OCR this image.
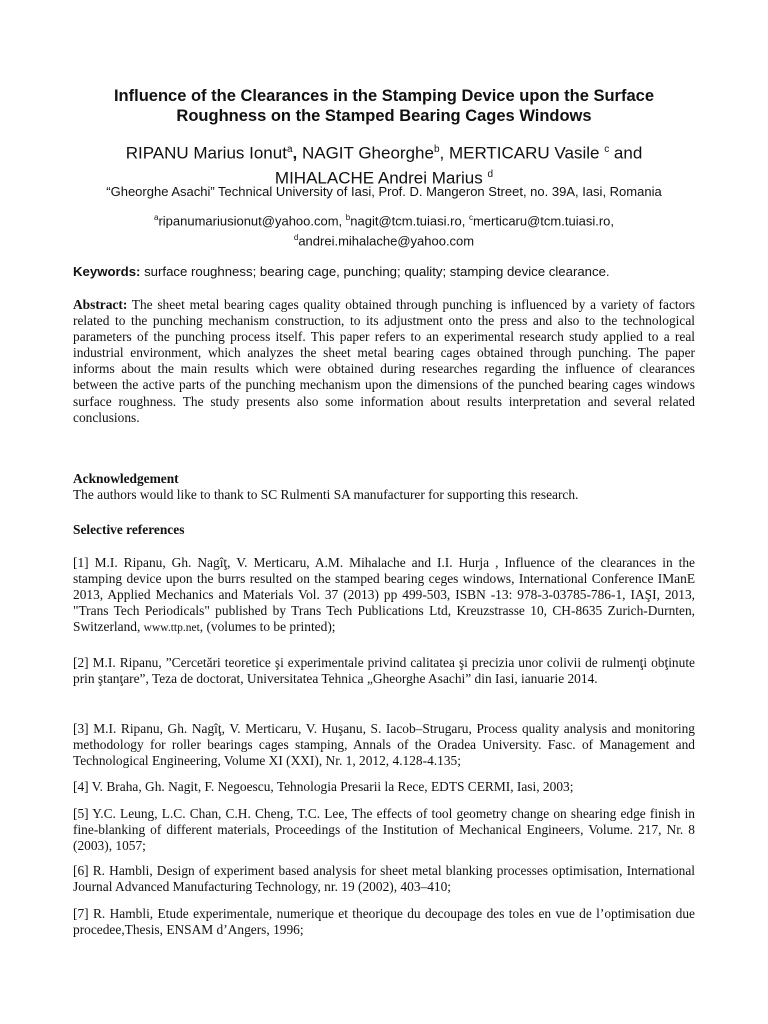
Influence of the Clearances in the Stamping Device upon the Surface
Roughness on the Stamped Bearing Cages Windows

RIPANU Marius Ionut$^a$, NAGIT Gheorghe$^b$, MERTICARU Vasile $^c$ and
MIHALACHE Andrei Marius $^d$

“Gheorghe Asachi” Technical University of Iasi, Prof. D. Mangeron Street, no. 39A, Iasi, Romania

$^a$ripanumariusionut@yahoo.com, $^b$nagit@tcm.tuiasi.ro, $^c$merticaru@tcm.tuiasi.ro,
$^d$andrei.mihalache@yahoo.com

Keywords: surface roughness; bearing cage, punching; quality; stamping device clearance.

Abstract: The sheet metal bearing cages quality obtained through punching is influenced by a variety of factors related to the punching mechanism construction, to its adjustment onto the press and also to the technological parameters of the punching process itself. This paper refers to an experimental research study applied to a real industrial environment, which analyzes the sheet metal bearing cages obtained through punching. The paper informs about the main results which were obtained during researches regarding the influence of clearances between the active parts of the punching mechanism upon the dimensions of the punched bearing cages windows surface roughness. The study presents also some information about results interpretation and several related conclusions.

Acknowledgement

The authors would like to thank to SC Rulmenti SA manufacturer for supporting this research.

Selective references

[1] M.I. Ripanu, Gh. Nagîţ, V. Merticaru, A.M. Mihalache and I.I. Hurja , Influence of the clearances in the stamping device upon the burrs resulted on the stamped bearing ceges windows, International Conference IManE 2013, Applied Mechanics and Materials Vol. 37 (2013) pp 499-503, ISBN -13: 978-3-03785-786-1, IAŞI, 2013, "Trans Tech Periodicals" published by Trans Tech Publications Ltd, Kreuzstrasse 10, CH-8635 Zurich-Durnten, Switzerland, www.ttp.net, (volumes to be printed);

[2] M.I. Ripanu, ”Cercetări teoretice şi experimentale privind calitatea şi precizia unor colivii de rulmenţi obţinute prin ştanţare”, Teza de doctorat, Universitatea Tehnica „Gheorghe Asachi” din Iasi, ianuarie 2014.

[3] M.I. Ripanu, Gh. Nagîţ, V. Merticaru, V. Huşanu, S. Iacob–Strugaru, Process quality analysis and monitoring methodology for roller bearings cages stamping, Annals of the Oradea University. Fasc. of Management and Technological Engineering, Volume XI (XXI), Nr. 1, 2012, 4.128-4.135;

[4] V. Braha, Gh. Nagit, F. Negoescu, Tehnologia Presarii la Rece, EDTS CERMI, Iasi, 2003;

[5] Y.C. Leung, L.C. Chan, C.H. Cheng, T.C. Lee, The effects of tool geometry change on shearing edge finish in fine-blanking of different materials, Proceedings of the Institution of Mechanical Engineers, Volume. 217, Nr. 8 (2003), 1057;

[6] R. Hambli, Design of experiment based analysis for sheet metal blanking processes optimisation, International Journal Advanced Manufacturing Technology, nr. 19 (2002), 403–410;

[7] R. Hambli, Etude experimentale, numerique et theorique du decoupage des toles en vue de l’optimisation due procedee,Thesis, ENSAM d’Angers, 1996;
